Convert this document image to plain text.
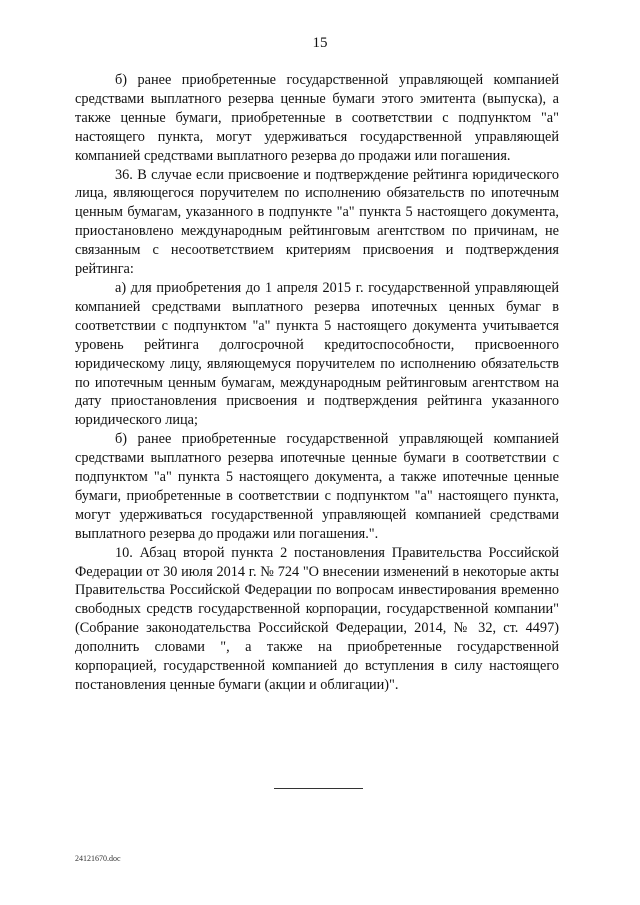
15

б) ранее приобретенные государственной управляющей компанией средствами выплатного резерва ценные бумаги этого эмитента (выпуска), а также ценные бумаги, приобретенные в соответствии с подпунктом "а" настоящего пункта, могут удерживаться государственной управляющей компанией средствами выплатного резерва до продажи или погашения.

36. В случае если присвоение и подтверждение рейтинга юридического лица, являющегося поручителем по исполнению обязательств по ипотечным ценным бумагам, указанного в подпункте "а" пункта 5 настоящего документа, приостановлено международным рейтинговым агентством по причинам, не связанным с несоответствием критериям присвоения и подтверждения рейтинга:

а) для приобретения до 1 апреля 2015 г. государственной управляющей компанией средствами выплатного резерва ипотечных ценных бумаг в соответствии с подпунктом "а" пункта 5 настоящего документа учитывается уровень рейтинга долгосрочной кредитоспособности, присвоенного юридическому лицу, являющемуся поручителем по исполнению обязательств по ипотечным ценным бумагам, международным рейтинговым агентством на дату приостановления присвоения и подтверждения рейтинга указанного юридического лица;

б) ранее приобретенные государственной управляющей компанией средствами выплатного резерва ипотечные ценные бумаги в соответствии с подпунктом "а" пункта 5 настоящего документа, а также ипотечные ценные бумаги, приобретенные в соответствии с подпунктом "а" настоящего пункта, могут удерживаться государственной управляющей компанией средствами выплатного резерва до продажи или погашения.".

10. Абзац второй пункта 2 постановления Правительства Российской Федерации от 30 июля 2014 г. № 724 "О внесении изменений в некоторые акты Правительства Российской Федерации по вопросам инвестирования временно свободных средств государственной корпорации, государственной компании" (Собрание законодательства Российской Федерации, 2014, № 32, ст. 4497) дополнить словами ", а также на приобретенные государственной корпорацией, государственной компанией до вступления в силу настоящего постановления ценные бумаги (акции и облигации)".

24121670.doc
